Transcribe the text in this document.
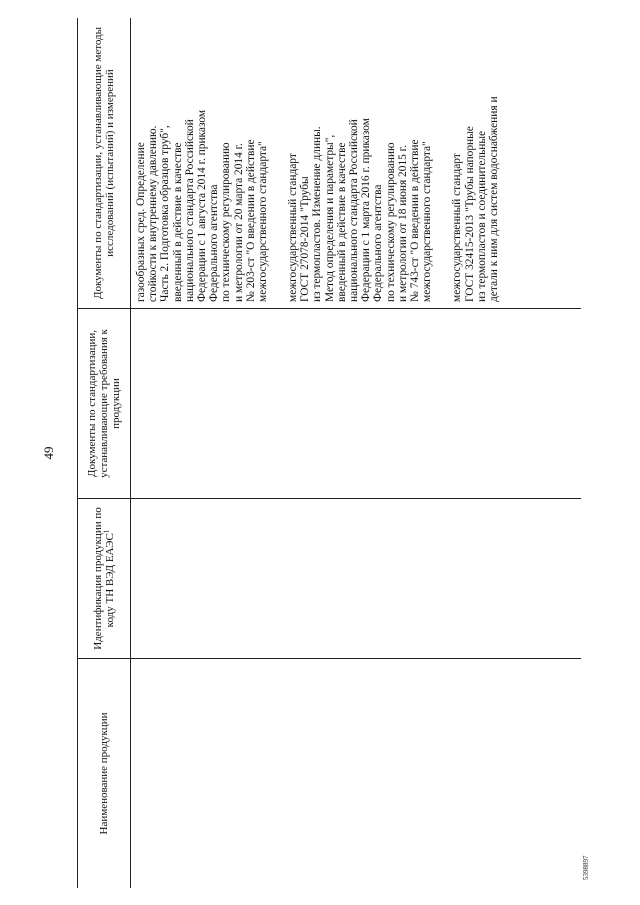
49
Наименование продукции
Идентификация продукции по коду ТН ВЭД ЕАЭС$^1$
Документы по стандартизации, устанавливающие требования к продукции
Документы по стандартизации, устанавливающие методы исследований (испытаний) и измерений газообразных сред. Определение стойкости к внутреннему давлению. Часть 2. Подготовка образцов труб", введенный в действие в качестве национального стандарта Российской Федерации с 1 августа 2014 г. приказом Федерального агентства по техническому регулированию и метрологии от 20 марта 2014 г. № 203-ст "О введении в действие межгосударственного стандарта" межгосударственный стандарт ГОСТ 27078-2014 "Трубы из термопластов. Изменение длины. Метод определения и параметры", введенный в действие в качестве национального стандарта Российской Федерации с 1 марта 2016 г. приказом Федерального агентства по техническому регулированию и метрологии от 18 июня 2015 г. № 743-ст "О введении в действие межгосударственного стандарта" межгосударственный стандарт ГОСТ 32415-2013 "Трубы напорные из термопластов и соединительные детали к ним для систем водоснабжения и
5398897
